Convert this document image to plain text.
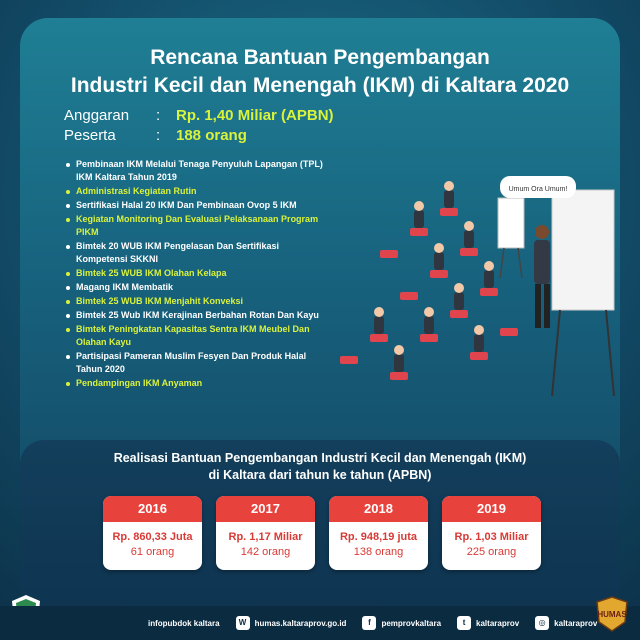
Rencana Bantuan Pengembangan
Industri Kecil dan Menengah (IKM) di Kaltara 2020
Anggaran	:	Rp. 1,40 Miliar (APBN)
Peserta	:	188 orang
Pembinaan IKM Melalui Tenaga Penyuluh Lapangan (TPL) IKM Kaltara Tahun 2019
Administrasi Kegiatan Rutin
Sertifikasi Halal 20 IKM Dan Pembinaan Ovop 5 IKM
Kegiatan Monitoring Dan Evaluasi Pelaksanaan Program PIKM
Bimtek 20 WUB IKM Pengelasan Dan Sertifikasi Kompetensi SKKNI
Bimtek 25 WUB IKM Olahan Kelapa
Magang IKM Membatik
Bimtek 25 WUB IKM Menjahit Konveksi
Bimtek 25 Wub IKM Kerajinan Berbahan Rotan Dan Kayu
Bimtek Peningkatan Kapasitas Sentra IKM Meubel Dan Olahan Kayu
Partisipasi Pameran Muslim Fesyen Dan Produk Halal Tahun 2020
Pendampingan IKM Anyaman
Umum Ora Umum!
Realisasi Bantuan Pengembangan Industri Kecil dan Menengah (IKM)
di Kaltara dari tahun ke tahun (APBN)
2016
Rp. 860,33 Juta
61 orang
2017
Rp. 1,17 Miliar
142 orang
2018
Rp. 948,19 juta
138 orang
2019
Rp. 1,03 Miliar
225 orang
infopubdok kaltara	W	humas.kaltaraprov.go.id	f	pemprovkaltara	t	kaltaraprov	◎	kaltaraprov
HUMAS
